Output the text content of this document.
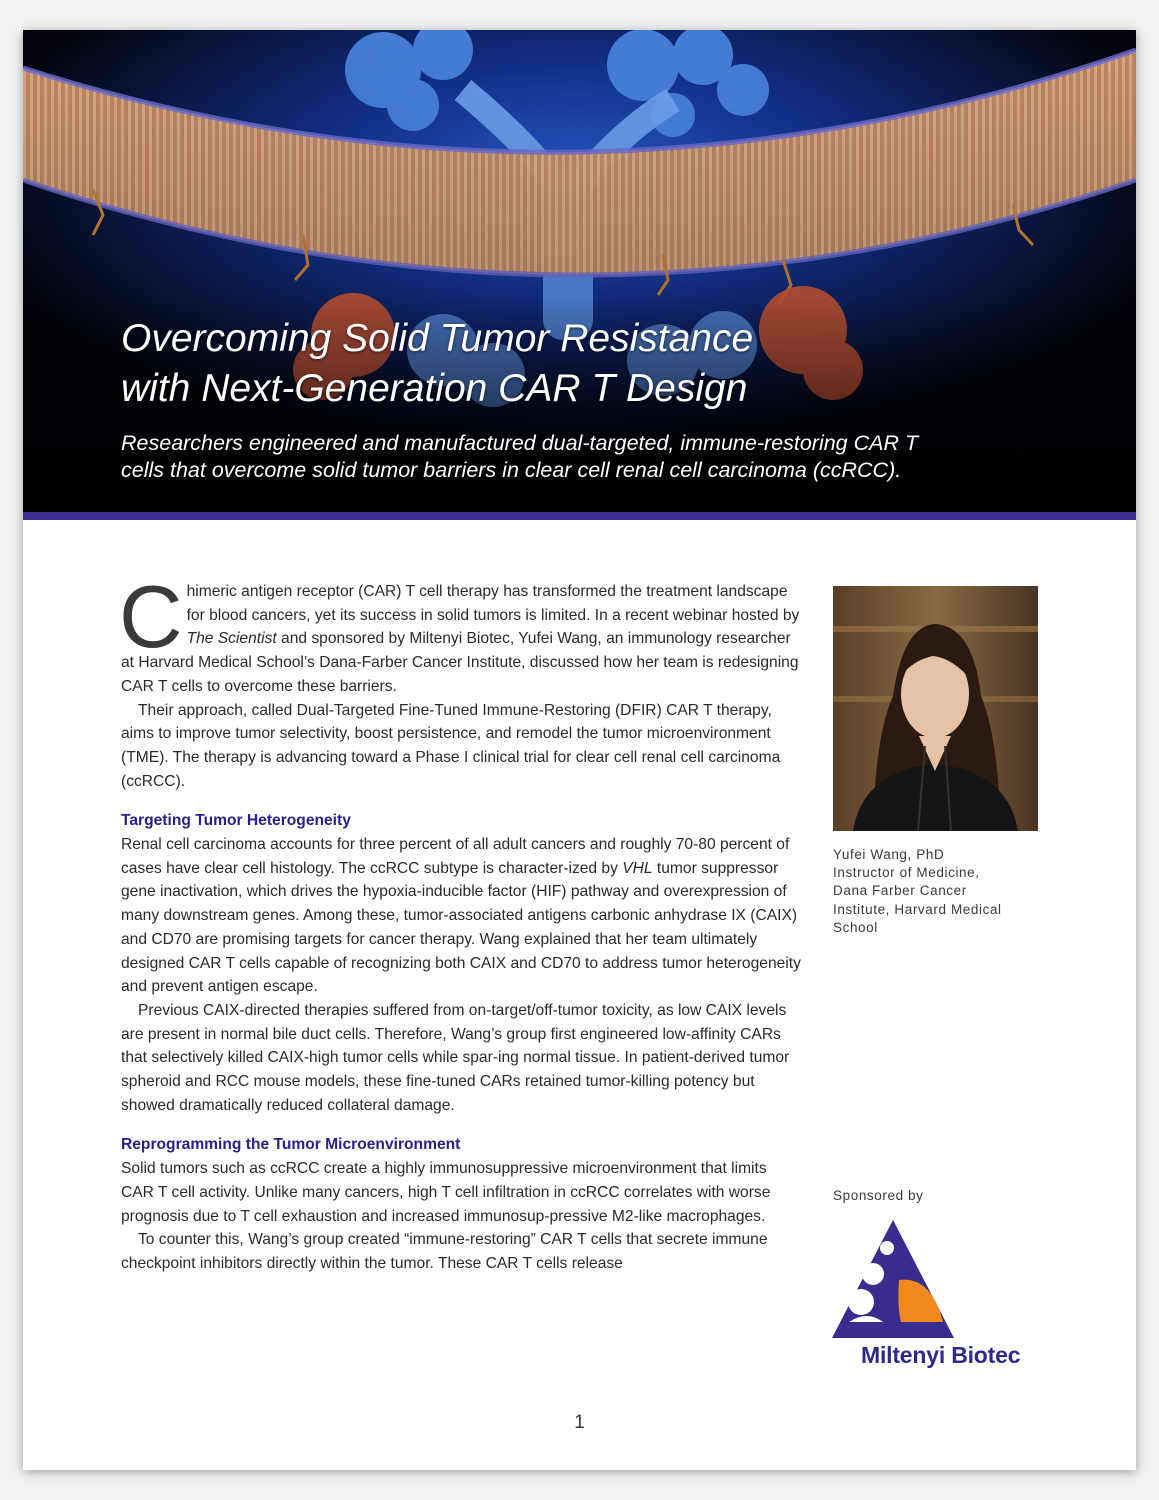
Overcoming Solid Tumor Resistance
with Next-Generation CAR T Design

Researchers engineered and manufactured dual-targeted, immune-restoring CAR T
cells that overcome solid tumor barriers in clear cell renal cell carcinoma (ccRCC).

Chimeric antigen receptor (CAR) T cell therapy has transformed the treatment landscape for blood cancers, yet its success in solid tumors is limited. In a recent webinar hosted by The Scientist and sponsored by Miltenyi Biotec, Yufei Wang, an immunology researcher at Harvard Medical School’s Dana-Farber Cancer Institute, discussed how her team is redesigning CAR T cells to overcome these barriers.

Their approach, called Dual-Targeted Fine-Tuned Immune-Restoring (DFIR) CAR T therapy, aims to improve tumor selectivity, boost persistence, and remodel the tumor microenvironment (TME). The therapy is advancing toward a Phase I clinical trial for clear cell renal cell carcinoma (ccRCC).

Targeting Tumor Heterogeneity

Renal cell carcinoma accounts for three percent of all adult cancers and roughly 70-80 percent of cases have clear cell histology. The ccRCC subtype is character-ized by VHL tumor suppressor gene inactivation, which drives the hypoxia-inducible factor (HIF) pathway and overexpression of many downstream genes. Among these, tumor-associated antigens carbonic anhydrase IX (CAIX) and CD70 are promising targets for cancer therapy. Wang explained that her team ultimately designed CAR T cells capable of recognizing both CAIX and CD70 to address tumor heterogeneity and prevent antigen escape.

Previous CAIX-directed therapies suffered from on-target/off-tumor toxicity, as low CAIX levels are present in normal bile duct cells. Therefore, Wang’s group first engineered low-affinity CARs that selectively killed CAIX-high tumor cells while spar-ing normal tissue. In patient-derived tumor spheroid and RCC mouse models, these fine-tuned CARs retained tumor-killing potency but showed dramatically reduced collateral damage.

Reprogramming the Tumor Microenvironment

Solid tumors such as ccRCC create a highly immunosuppressive microenvironment that limits CAR T cell activity. Unlike many cancers, high T cell infiltration in ccRCC correlates with worse prognosis due to T cell exhaustion and increased immunosup-pressive M2-like macrophages.

To counter this, Wang’s group created “immune-restoring” CAR T cells that secrete immune checkpoint inhibitors directly within the tumor. These CAR T cells release

Yufei Wang, PhD
Instructor of Medicine,
Dana Farber Cancer
Institute, Harvard Medical
School
Sponsored by
Miltenyi Biotec
1
